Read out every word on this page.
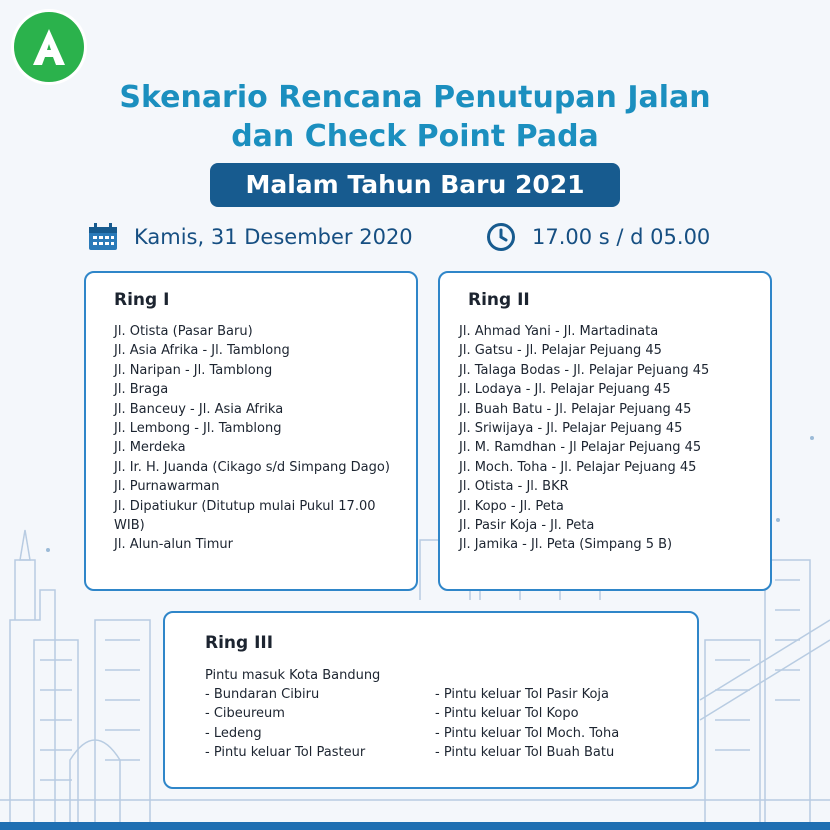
Skenario Rencana Penutupan Jalan
dan Check Point Pada
Malam Tahun Baru 2021
Kamis, 31 Desember 2020	17.00 s / d 05.00
Ring I
Jl. Otista (Pasar Baru)
Jl. Asia Afrika - Jl. Tamblong
Jl. Naripan - Jl. Tamblong
Jl. Braga
Jl. Banceuy - Jl. Asia Afrika
Jl. Lembong - Jl. Tamblong
Jl. Merdeka
Jl. Ir. H. Juanda (Cikago s/d Simpang Dago)
Jl. Purnawarman
Jl. Dipatiukur (Ditutup mulai Pukul 17.00 WIB)
Jl. Alun-alun Timur
Ring II
Jl. Ahmad Yani - Jl. Martadinata
Jl. Gatsu - Jl. Pelajar Pejuang 45
Jl. Talaga Bodas - Jl. Pelajar Pejuang 45
Jl. Lodaya - Jl. Pelajar Pejuang 45
Jl. Buah Batu - Jl. Pelajar Pejuang 45
Jl. Sriwijaya - Jl. Pelajar Pejuang 45
Jl. M. Ramdhan - Jl Pelajar Pejuang 45
Jl. Moch. Toha - Jl. Pelajar Pejuang 45
Jl. Otista - Jl. BKR
Jl. Kopo - Jl. Peta
Jl. Pasir Koja - Jl. Peta
Jl. Jamika - Jl. Peta (Simpang 5 B)
Ring III
Pintu masuk Kota Bandung
- Bundaran Cibiru
- Cibeureum
- Ledeng
- Pintu keluar Tol Pasteur
- Pintu keluar Tol Pasir Koja
- Pintu keluar Tol Kopo
- Pintu keluar Tol Moch. Toha
- Pintu keluar Tol Buah Batu
